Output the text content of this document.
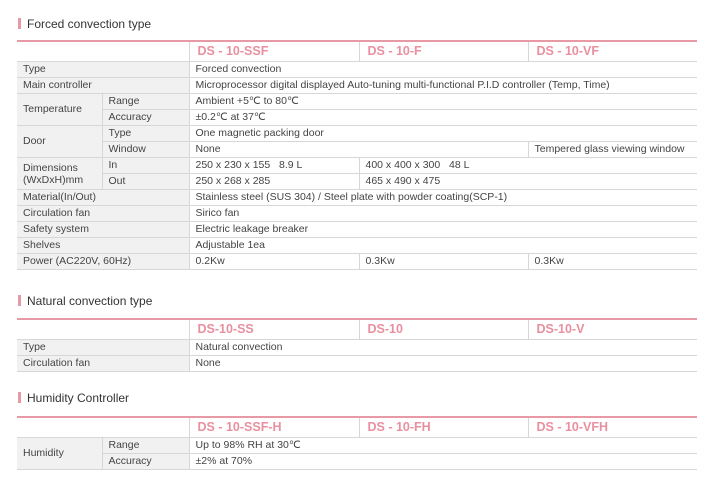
Forced convection type
		DS - 10-SSF	DS - 10-F	DS - 10-VF
Type		Forced convection		
Main controller		Microprocessor digital displayed Auto-tuning multi-functional P.I.D controller (Temp, Time)		
Temperature	Range	Ambient +5℃ to 80℃		
	Accuracy	±0.2℃ at 37℃		
Door	Type	One magnetic packing door		
	Window	None		Tempered glass viewing window
Dimensions
(WxDxH)mm	In	250 x 230 x 155   8.9 L	400 x 400 x 300   48 L	
	Out	250 x 268 x 285	465 x 490 x 475	
Material(In/Out)		Stainless steel (SUS 304) / Steel plate with powder coating(SCP-1)		
Circulation fan		Sirico fan		
Safety system		Electric leakage breaker		
Shelves		Adjustable 1ea		
Power (AC220V, 60Hz)		0.2Kw	0.3Kw	0.3Kw
Natural convection type
	DS-10-SS	DS-10	DS-10-V
Type	Natural convection		
Circulation fan	None		
Humidity Controller
		DS - 10-SSF-H	DS - 10-FH	DS - 10-VFH
Humidity	Range	Up to 98% RH at 30℃		
	Accuracy	±2% at 70%		
